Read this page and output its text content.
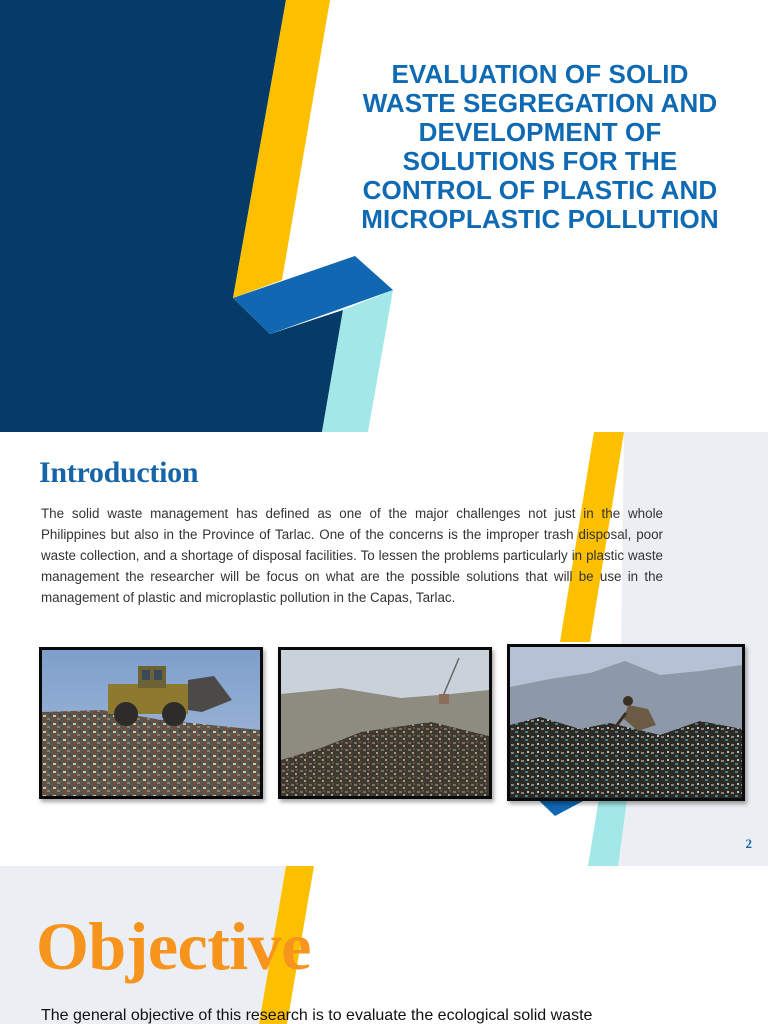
EVALUATION OF SOLID
WASTE SEGREGATION AND
DEVELOPMENT OF
SOLUTIONS FOR THE
CONTROL OF PLASTIC AND
MICROPLASTIC POLLUTION
Introduction

The solid waste management has defined as one of the major challenges not just in the whole Philippines but also in the Province of Tarlac. One of the concerns is the improper trash disposal, poor waste collection, and a shortage of disposal facilities. To lessen the problems particularly in plastic waste management the researcher will be focus on what are the possible solutions that will be use in the management of plastic and microplastic pollution in the Capas, Tarlac.

2
Objective
The general objective of this research is to evaluate the ecological solid waste
